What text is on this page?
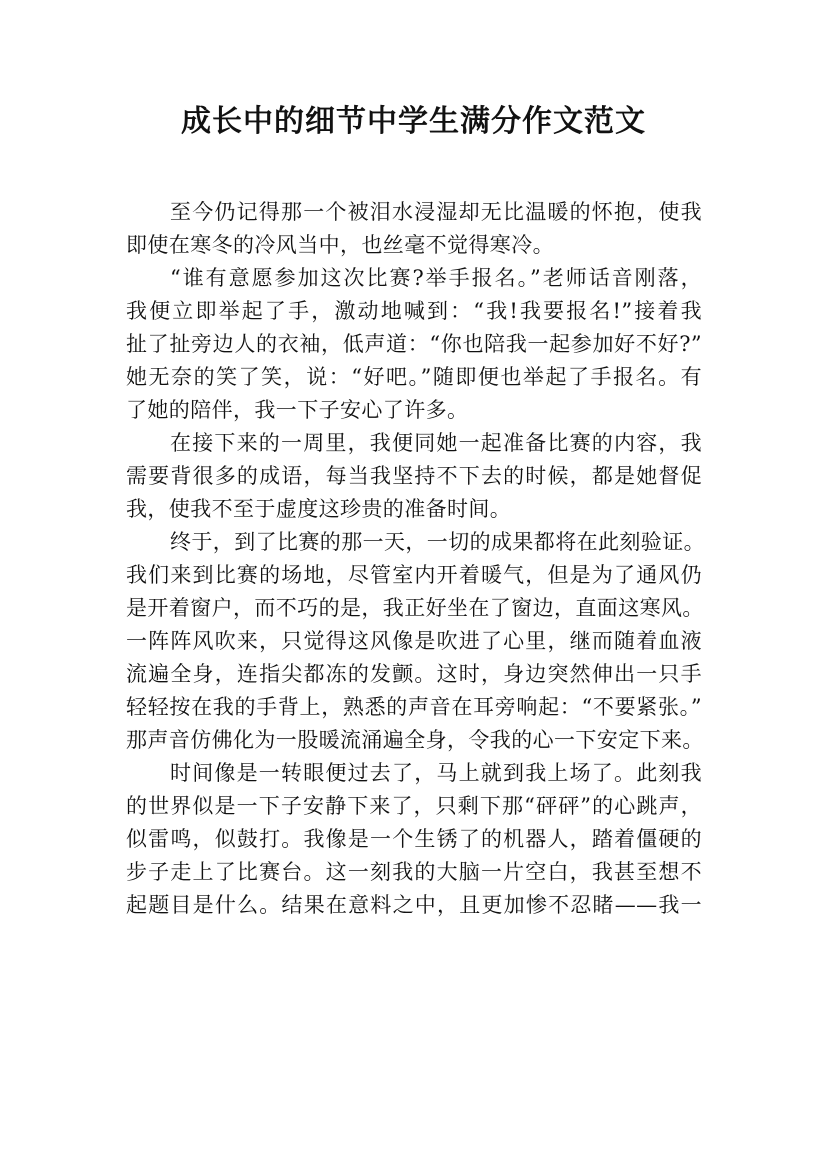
成长中的细节中学生满分作文范文
至今仍记得那一个被泪水浸湿却无比温暖的怀抱，使我
即使在寒冬的冷风当中，也丝毫不觉得寒冷。
“谁有意愿参加这次比赛?举手报名。”老师话音刚落，
我便立即举起了手，激动地喊到：“我!我要报名!”接着我
扯了扯旁边人的衣袖，低声道：“你也陪我一起参加好不好?”
她无奈的笑了笑，说：“好吧。”随即便也举起了手报名。有
了她的陪伴，我一下子安心了许多。
在接下来的一周里，我便同她一起准备比赛的内容，我
需要背很多的成语，每当我坚持不下去的时候，都是她督促
我，使我不至于虚度这珍贵的准备时间。
终于，到了比赛的那一天，一切的成果都将在此刻验证。
我们来到比赛的场地，尽管室内开着暖气，但是为了通风仍
是开着窗户，而不巧的是，我正好坐在了窗边，直面这寒风。
一阵阵风吹来，只觉得这风像是吹进了心里，继而随着血液
流遍全身，连指尖都冻的发颤。这时，身边突然伸出一只手
轻轻按在我的手背上，熟悉的声音在耳旁响起：“不要紧张。”
那声音仿佛化为一股暖流涌遍全身，令我的心一下安定下来。
时间像是一转眼便过去了，马上就到我上场了。此刻我
的世界似是一下子安静下来了，只剩下那“砰砰”的心跳声，
似雷鸣，似鼓打。我像是一个生锈了的机器人，踏着僵硬的
步子走上了比赛台。这一刻我的大脑一片空白，我甚至想不
起题目是什么。结果在意料之中，且更加惨不忍睹——我一
